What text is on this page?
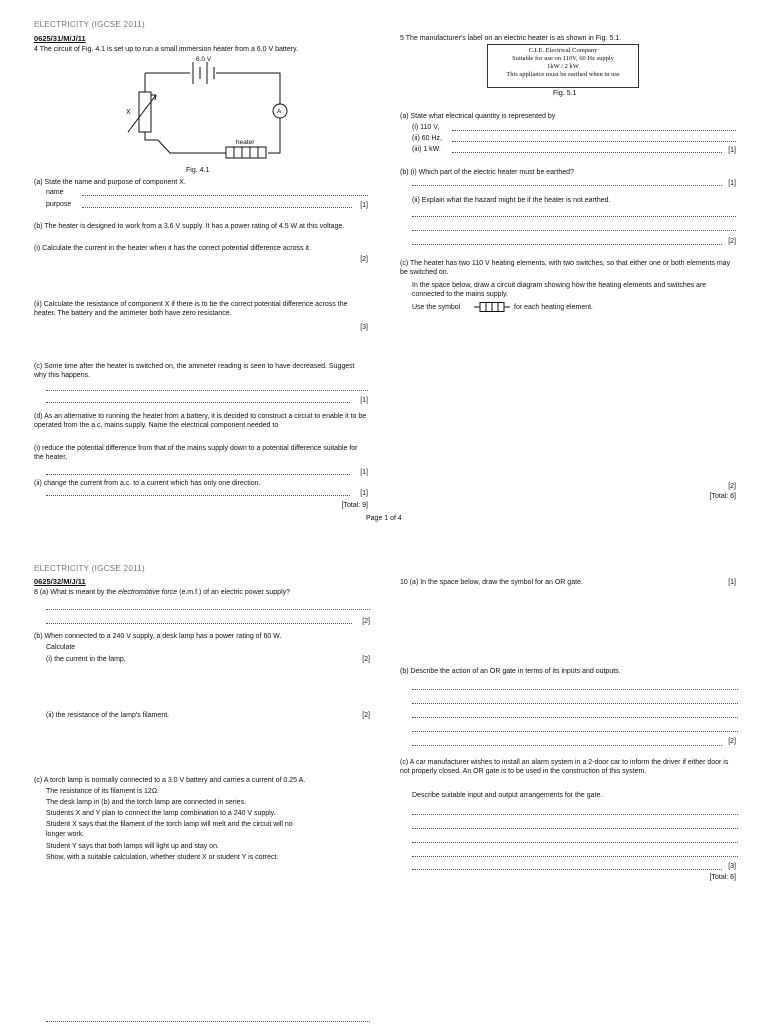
ELECTRICITY (IGCSE 2011)
0625/31/M/J/11
4 The circuit of Fig. 4.1 is set up to run a small immersion heater from a 6.0 V battery.
6.0 V
X	A
heater
Fig. 4.1
(a) State the name and purpose of component X.
name
purpose	[1]
(b) The heater is designed to work from a 3.6 V supply. It has a power rating of 4.5 W at this voltage.
(i) Calculate the current in the heater when it has the correct potential difference across it.
[2]
(ii) Calculate the resistance of component X if there is to be the correct potential difference across the heater. The battery and the ammeter both have zero resistance.
[3]
(c) Some time after the heater is switched on, the ammeter reading is seen to have decreased. Suggest why this happens.
[1]
(d) As an alternative to running the heater from a battery, it is decided to construct a circuit to enable it to be operated from the a.c. mains supply. Name the electrical component needed to
(i) reduce the potential difference from that of the mains supply down to a potential difference suitable for the heater,
[1]
(ii) change the current from a.c. to a current which has only one direction.
[1]
[Total: 9]
5 The manufacturer's label on an electric heater is as shown in Fig. 5.1.
C.I.E. Electrical Company
Suitable for use on 110V, 60 Hz supply
1kW / 2 kW
This appliance must be earthed when in use
Fig. 5.1
(a) State what electrical quantity is represented by
(i) 110 V,
(ii) 60 Hz,
(iii) 1 kW.	[1]
(b) (i) Which part of the electric heater must be earthed?
[1]
(ii) Explain what the hazard might be if the heater is not earthed.
[2]
(c) The heater has two 110 V heating elements, with two switches, so that either one or both elements may be switched on.
In the space below, draw a circuit diagram showing how the heating elements and switches are connected to the mains supply.
Use the symbol	for each heating element.
[2]
[Total: 6]
Page 1 of 4
ELECTRICITY (IGCSE 2011)
0625/32/M/J/11
8 (a) What is meant by the electromotive force (e.m.f.) of an electric power supply?
[2]
(b) When connected to a 240 V supply, a desk lamp has a power rating of 60 W.
Calculate
(i) the current in the lamp,	[2]
(ii) the resistance of the lamp's filament.	[2]
(c) A torch lamp is normally connected to a 3.0 V battery and carries a current of 0.25 A.
The resistance of its filament is 12Ω.
The desk lamp in (b) and the torch lamp are connected in series.
Students X and Y plan to connect the lamp combination to a 240 V supply.
Student X says that the filament of the torch lamp will melt and the circuit will no
longer work.
Student Y says that both lamps will light up and stay on.
Show, with a suitable calculation, whether student X or student Y is correct.
10 (a) In the space below, draw the symbol for an OR gate.	[1]
(b) Describe the action of an OR gate in terms of its inputs and outputs.
[2]
(c) A car manufacturer wishes to install an alarm system in a 2-door car to inform the driver if either door is not properly closed. An OR gate is to be used in the construction of this system.
Describe suitable input and output arrangements for the gate.
[3]
[Total: 6]
